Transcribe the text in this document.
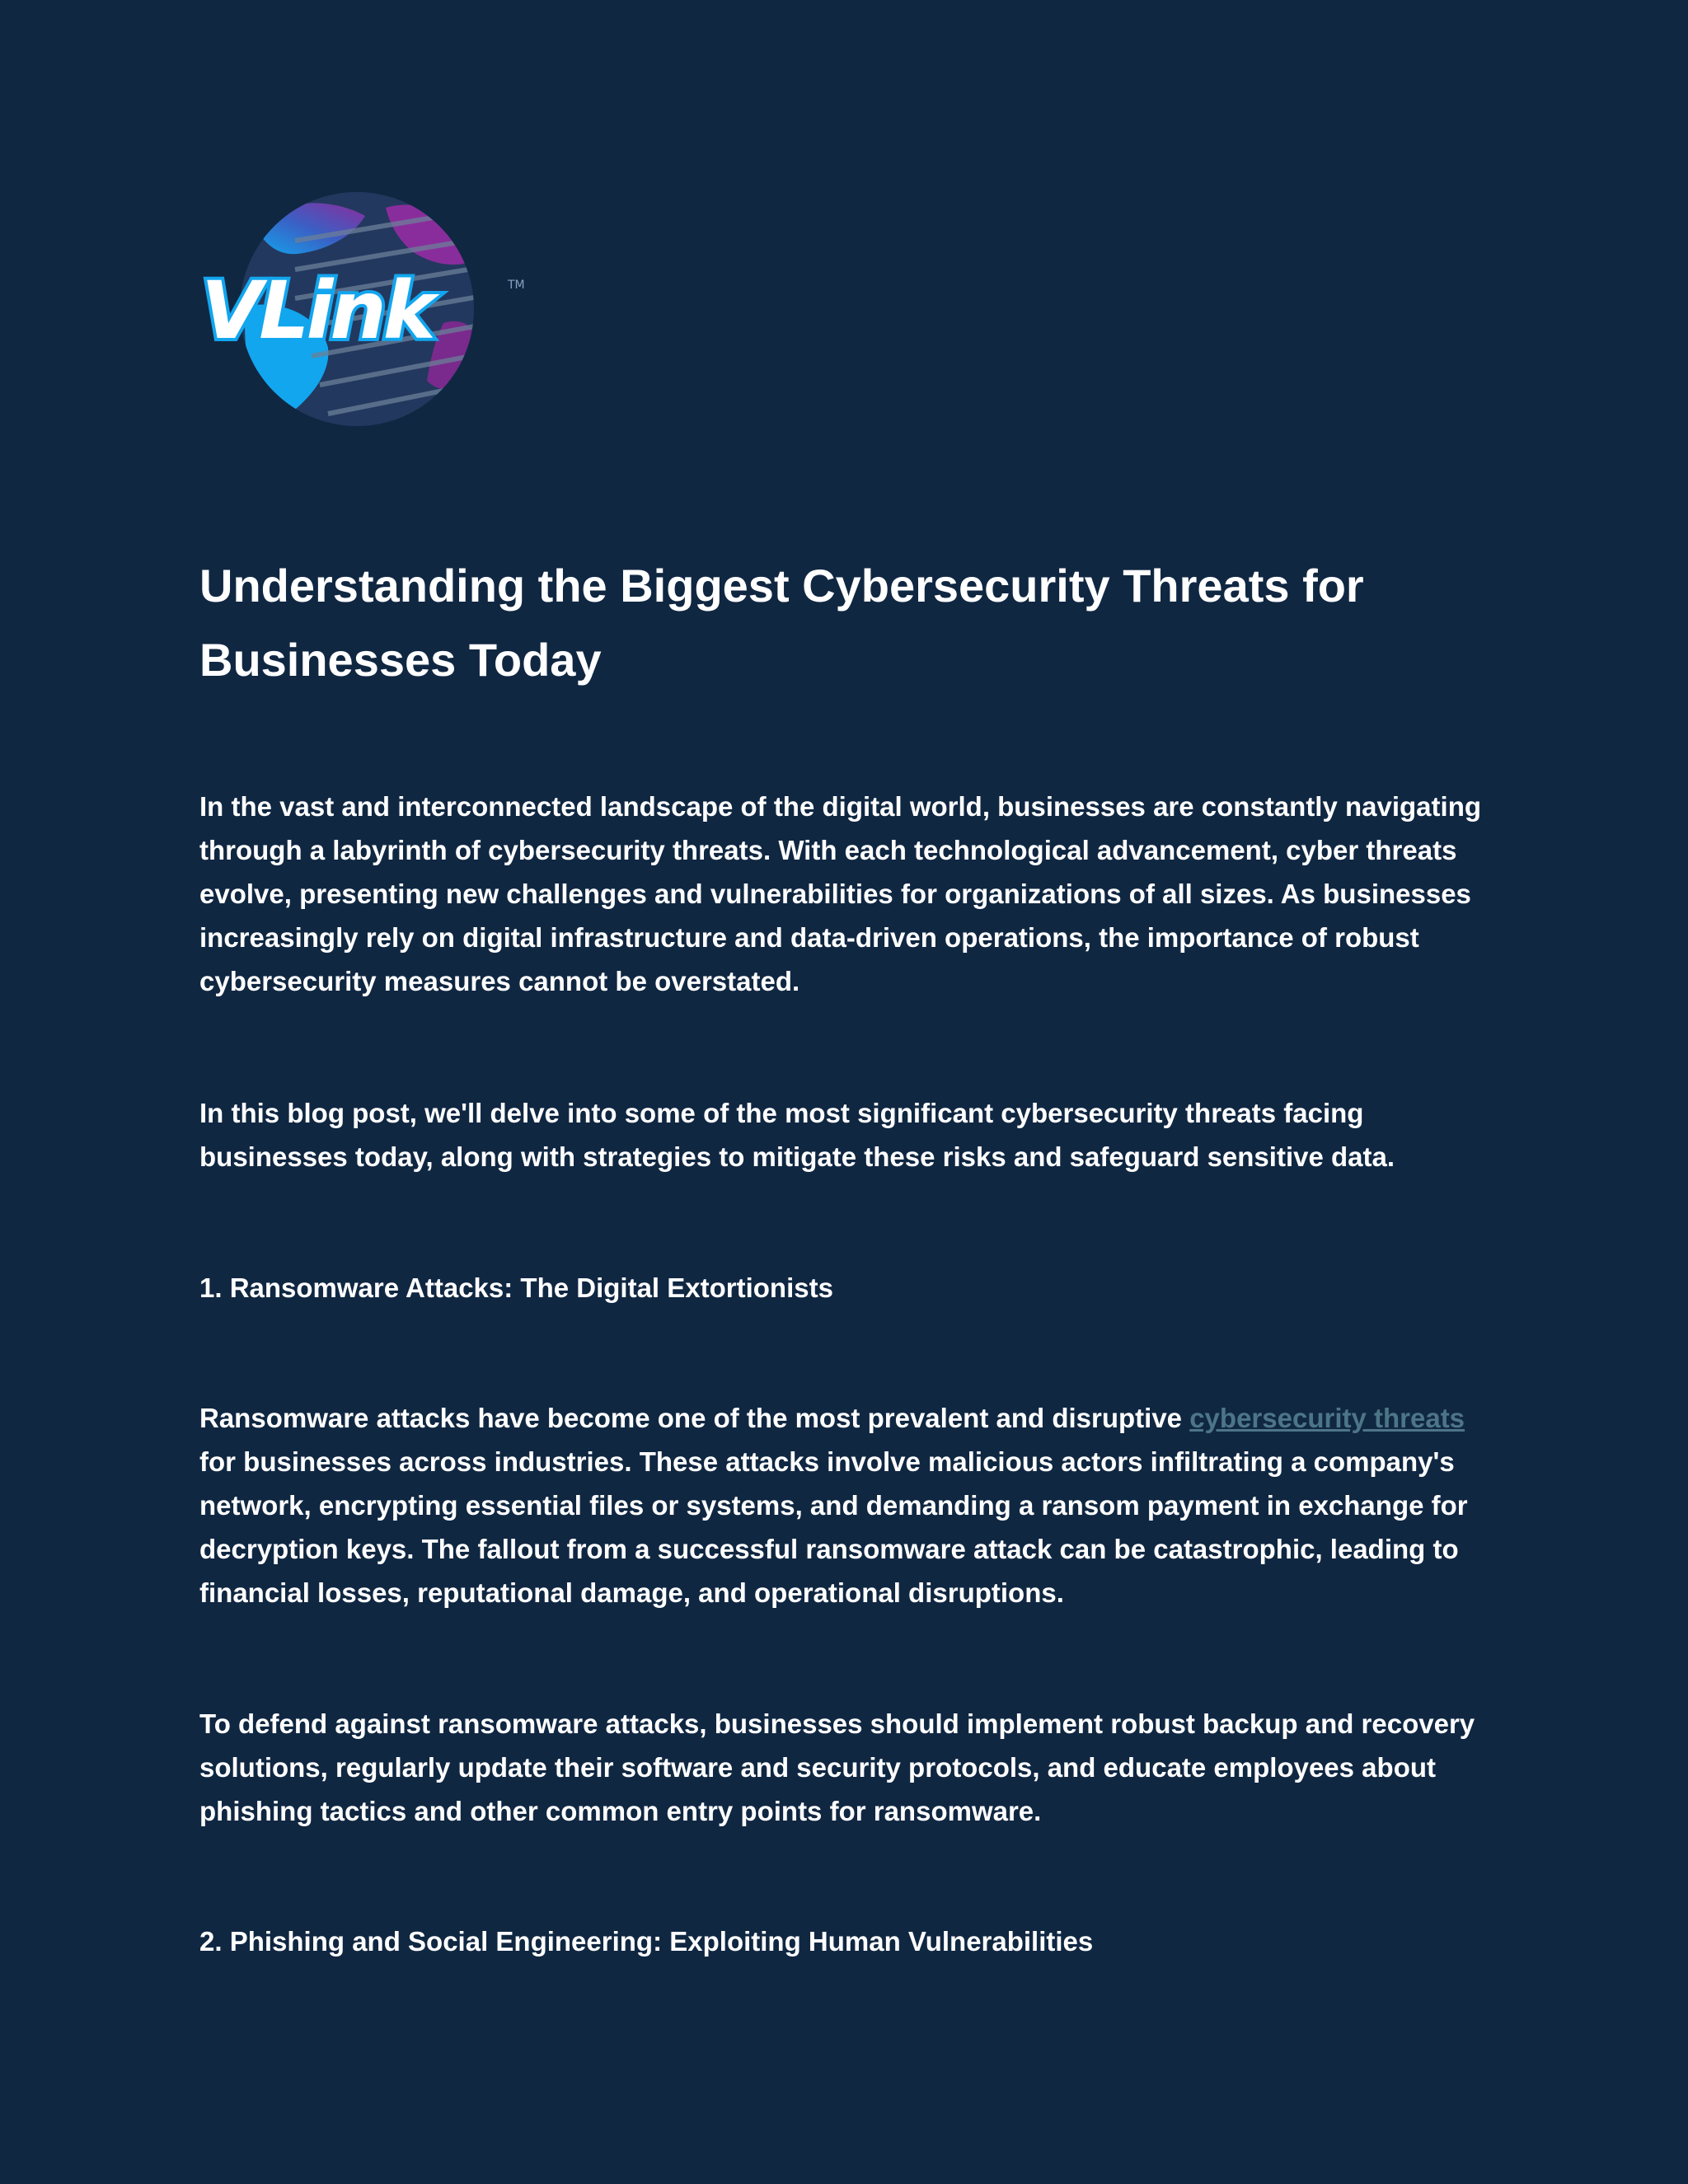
VLink	TM
Understanding the Biggest Cybersecurity Threats for Businesses Today

In the vast and interconnected landscape of the digital world, businesses are constantly navigating through a labyrinth of cybersecurity threats. With each technological advancement, cyber threats evolve, presenting new challenges and vulnerabilities for organizations of all sizes. As businesses increasingly rely on digital infrastructure and data-driven operations, the importance of robust cybersecurity measures cannot be overstated.

In this blog post, we'll delve into some of the most significant cybersecurity threats facing businesses today, along with strategies to mitigate these risks and safeguard sensitive data.

1. Ransomware Attacks: The Digital Extortionists

Ransomware attacks have become one of the most prevalent and disruptive cybersecurity threats for businesses across industries. These attacks involve malicious actors infiltrating a company's network, encrypting essential files or systems, and demanding a ransom payment in exchange for decryption keys. The fallout from a successful ransomware attack can be catastrophic, leading to financial losses, reputational damage, and operational disruptions.

To defend against ransomware attacks, businesses should implement robust backup and recovery solutions, regularly update their software and security protocols, and educate employees about phishing tactics and other common entry points for ransomware.

2. Phishing and Social Engineering: Exploiting Human Vulnerabilities
